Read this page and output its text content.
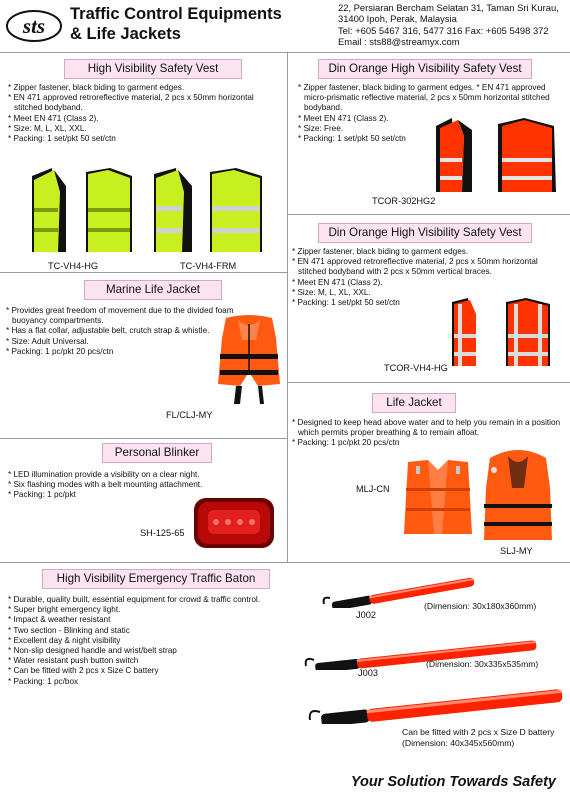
sts Traffic Control Equipments
& Life Jackets
22, Persiaran Bercham Selatan 31, Taman Sri Kurau,
31400 Ipoh, Perak, Malaysia
Tel: +605 5467 316, 5477 316 Fax: +605 5498 372
Email : sts88@streamyx.com
High Visibility Safety Vest
* Zipper fastener, black biding to garment edges.
* EN 471 approved retroreflective material, 2 pcs x 50mm horizontal stitched bodyband.
* Meet EN 471 (Class 2).
* Size: M, L, XL, XXL.
* Packing: 1 set/pkt 50 set/ctn
TC-VH4-HG	TC-VH4-FRM
Din Orange High Visibility Safety Vest
* Zipper fastener, black biding to garment edges. * EN 471 approved micro-prismatic reflective material, 2 pcs x 50mm horizontal stitched bodyband.
* Meet EN 471 (Class 2).
* Size: Free.
* Packing: 1 set/pkt 50 set/ctn
TCOR-302HG2
Din Orange High Visibility Safety Vest
* Zipper fastener, black biding to garment edges.
* EN 471 approved retroreflective material, 2 pcs x 50mm horizontal stitched bodyband with 2 pcs x 50mm vertical braces.
* Meet EN 471 (Class 2).
* Size: M, L, XL, XXL.
* Packing: 1 set/pkt 50 set/ctn
TCOR-VH4-HG
Marine Life Jacket
* Provides great freedom of movement due to the divided foam buoyancy compartments.
* Has a flat collar, adjustable belt, crutch strap & whistle.
* Size: Adult Universal.
* Packing: 1 pc/pkt 20 pcs/ctn
FL/CLJ-MY
Life Jacket
* Designed to keep head above water and to help you remain in a position which permits proper breathing & to remain afloat.
* Packing: 1 pc/pkt 20 pcs/ctn
MLJ-CN
SLJ-MY
Personal Blinker
* LED illumination provide a visibility on a clear night.
* Six flashing modes with a belt mounting attachment.
* Packing: 1 pc/pkt
SH-125-65
High Visibility Emergency Traffic Baton
* Durable, quality built, essential equipment for crowd & traffic control.
* Super bright emergency light.
* Impact & weather resistant
* Two section - Blinking and static
* Excellent day & night visibility
* Non-slip designed handle and wrist/belt strap
* Water resistant push button switch
* Can be fitted with 2 pcs x Size C battery
* Packing: 1 pc/box
J002
(Dimension: 30x180x360mm)
J003
(Dimension: 30x335x535mm)
Can be fitted with 2 pcs x Size D battery
(Dimension: 40x345x560mm)
Your Solution Towards Safety
